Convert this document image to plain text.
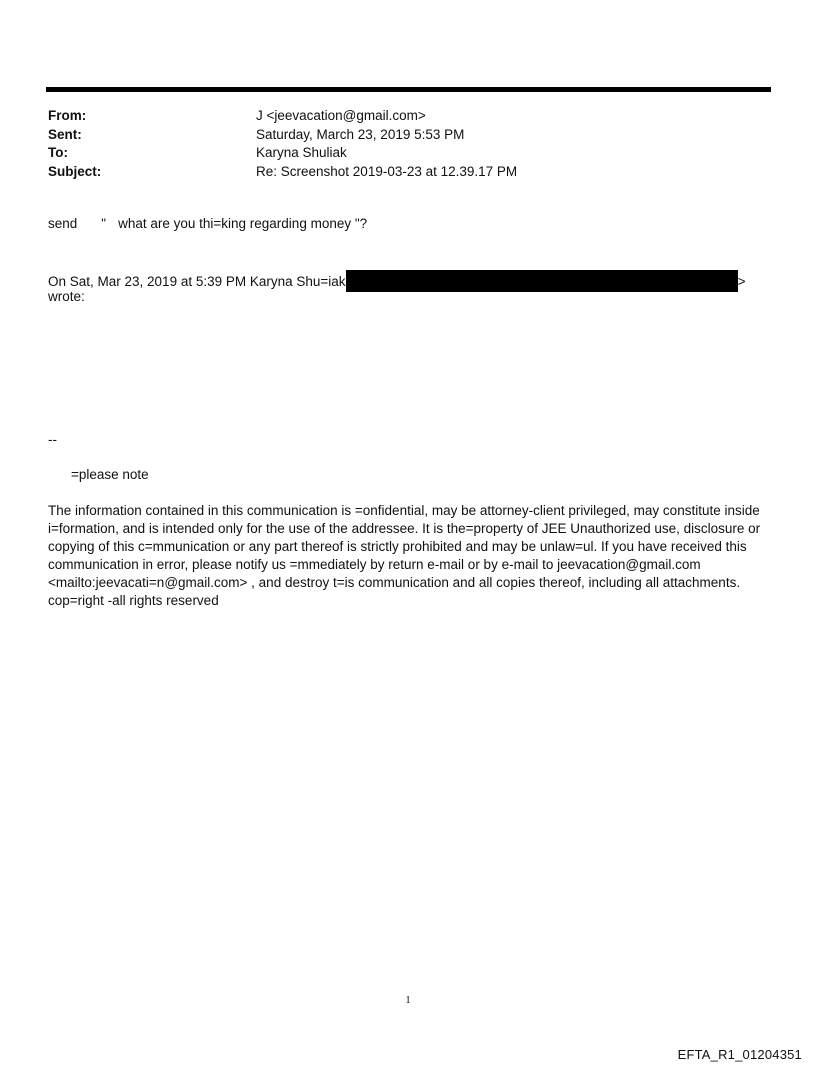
From:	J <jeevacation@gmail.com>
Sent:	Saturday, March 23, 2019 5:53 PM
To:	Karyna Shuliak
Subject:	Re: Screenshot 2019-03-23 at 12.39.17 PM
send " what are you thi=king regarding money "?
On Sat, Mar 23, 2019 at 5:39 PM Karyna Shu=iak	>
wrote:
--
=please note
The information contained in this communication is =onfidential, may be attorney-client privileged, may constitute inside i=formation, and is intended only for the use of the addressee. It is the=property of JEE Unauthorized use, disclosure or copying of this c=mmunication or any part thereof is strictly prohibited and may be unlaw=ul. If you have received this communication in error, please notify us =mmediately by return e-mail or by e-mail to jeevacation@gmail.com <mailto:jeevacati=n@gmail.com> , and destroy t=is communication and all copies thereof, including all attachments. cop=right -all rights reserved
1
EFTA_R1_01204351
